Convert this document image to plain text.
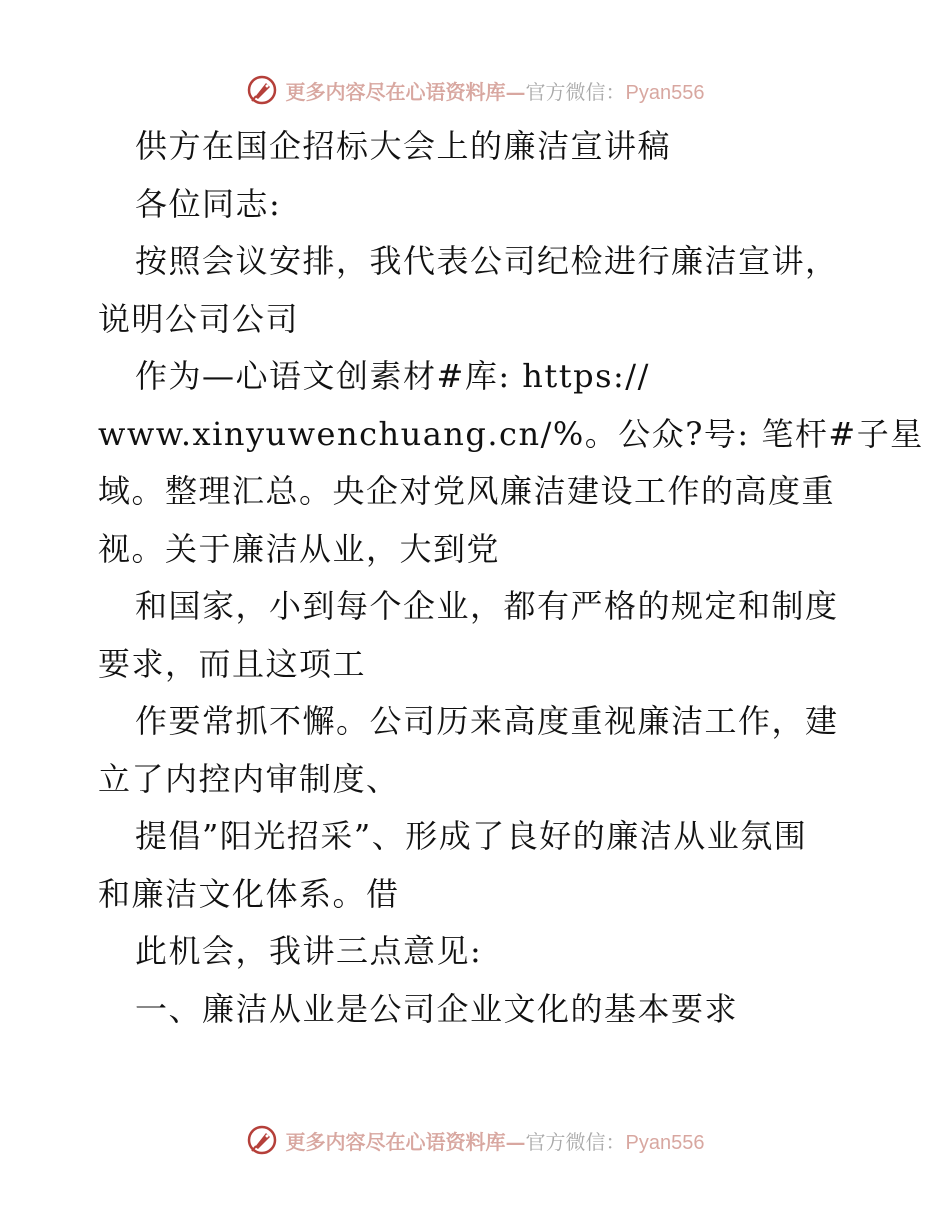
更多内容尽在心语资料库—官方微信：Pyan556
供方在国企招标大会上的廉洁宣讲稿
各位同志:
按照会议安排，我代表公司纪检进行廉洁宣讲，
说明公司公司
作为—心语文创素材#库: https://
www.xinyuwenchuang.cn/%。公众?号: 笔杆#子星
域。整理汇总。央企对党风廉洁建设工作的高度重
视。关于廉洁从业，大到党
和国家，小到每个企业，都有严格的规定和制度
要求，而且这项工
作要常抓不懈。公司历来高度重视廉洁工作，建
立了内控内审制度、
提倡”阳光招采”、形成了良好的廉洁从业氛围
和廉洁文化体系。借
此机会，我讲三点意见:
一、廉洁从业是公司企业文化的基本要求
更多内容尽在心语资料库—官方微信：Pyan556
